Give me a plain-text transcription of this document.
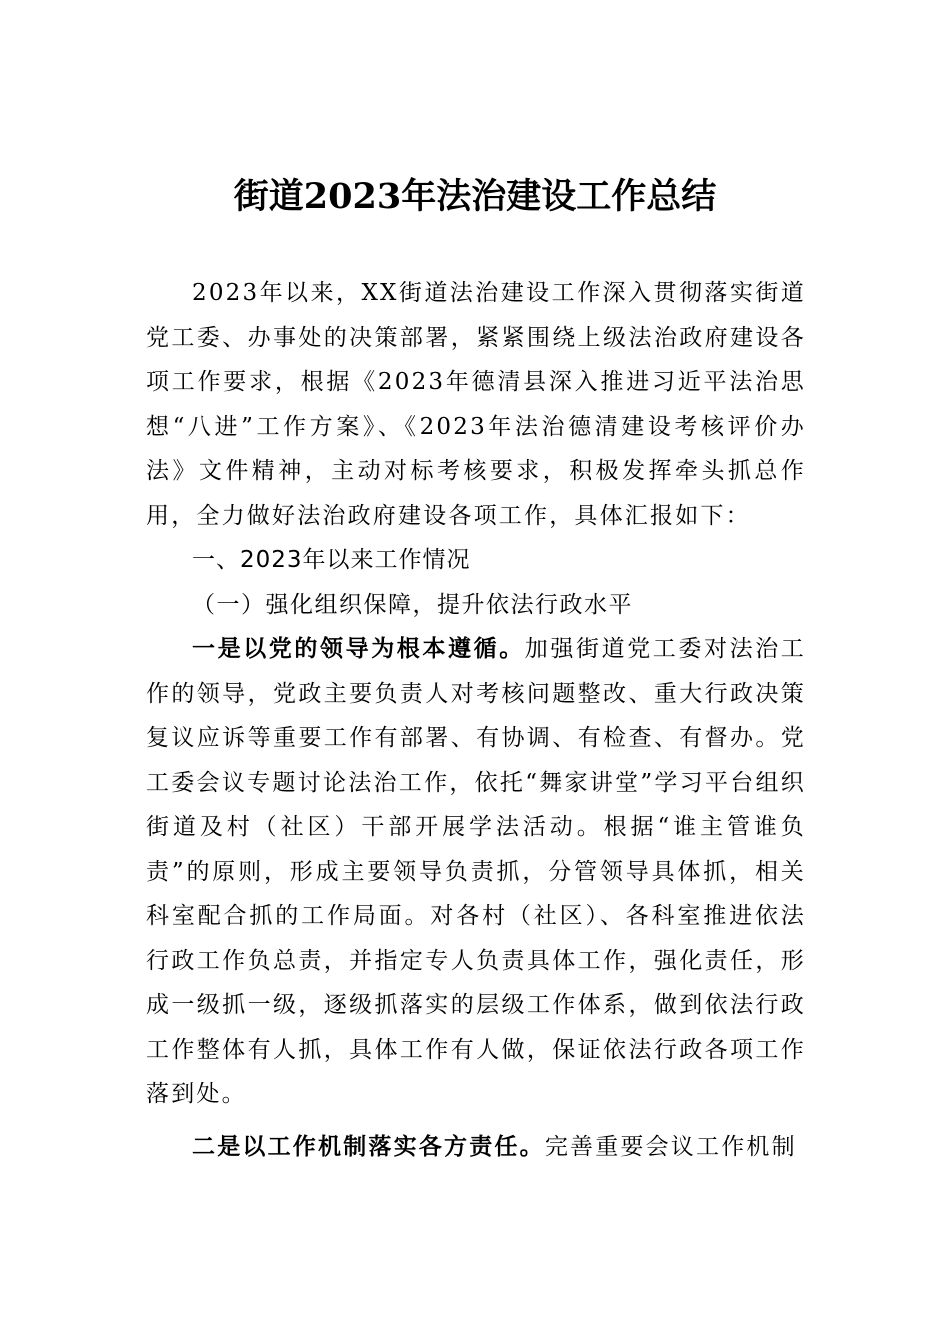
街道2023年法治建设工作总结

2023年以来，XX街道法治建设工作深入贯彻落实街道党工委、办事处的决策部署，紧紧围绕上级法治政府建设各项工作要求，根据《2023年德清县深入推进习近平法治思想“八进”工作方案》、《2023年法治德清建设考核评价办法》文件精神，主动对标考核要求，积极发挥牵头抓总作用，全力做好法治政府建设各项工作，具体汇报如下：

一、2023年以来工作情况

（一）强化组织保障，提升依法行政水平

一是以党的领导为根本遵循。加强街道党工委对法治工作的领导，党政主要负责人对考核问题整改、重大行政决策复议应诉等重要工作有部署、有协调、有检查、有督办。党工委会议专题讨论法治工作，依托“舞家讲堂”学习平台组织街道及村（社区）干部开展学法活动。根据“谁主管谁负责”的原则，形成主要领导负责抓，分管领导具体抓，相关科室配合抓的工作局面。对各村（社区）、各科室推进依法行政工作负总责，并指定专人负责具体工作，强化责任，形成一级抓一级，逐级抓落实的层级工作体系，做到依法行政工作整体有人抓，具体工作有人做，保证依法行政各项工作落到处。

二是以工作机制落实各方责任。完善重要会议工作机制
